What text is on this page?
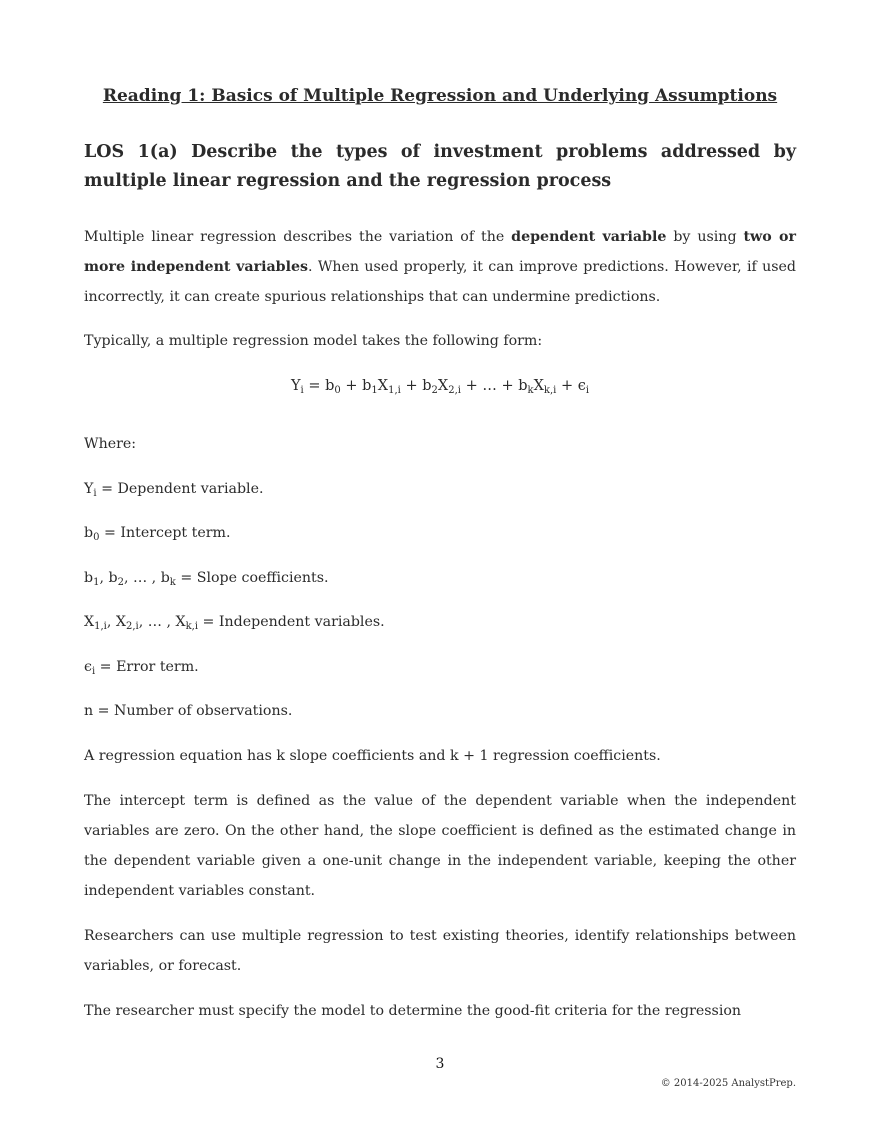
Reading 1: Basics of Multiple Regression and Underlying Assumptions
LOS 1(a) Describe the types of investment problems addressed by multiple linear regression and the regression process

Multiple linear regression describes the variation of the dependent variable by using two or more independent variables. When used properly, it can improve predictions. However, if used incorrectly, it can create spurious relationships that can undermine predictions.

Typically, a multiple regression model takes the following form:

$Y_i = b_0 + b_1X_{1,i} + b_2X_{2,i}$ + … + $b_kX_{k,i} + \epsilon_i$

Where:

$Y_i$ = Dependent variable.

$b_0$ = Intercept term.

$b_1$, $b_2$, … , $b_k$ = Slope coefficients.

$X_{1,i}$, $X_{2,i}$, … , $X_{k,i}$ = Independent variables.

$\epsilon_i$ = Error term.

n = Number of observations.

A regression equation has k slope coefficients and k + 1 regression coefficients.

The intercept term is defined as the value of the dependent variable when the independent variables are zero. On the other hand, the slope coefficient is defined as the estimated change in the dependent variable given a one-unit change in the independent variable, keeping the other independent variables constant.

Researchers can use multiple regression to test existing theories, identify relationships between variables, or forecast.

The researcher must specify the model to determine the good-fit criteria for the regression

3
© 2014-2025 AnalystPrep.
